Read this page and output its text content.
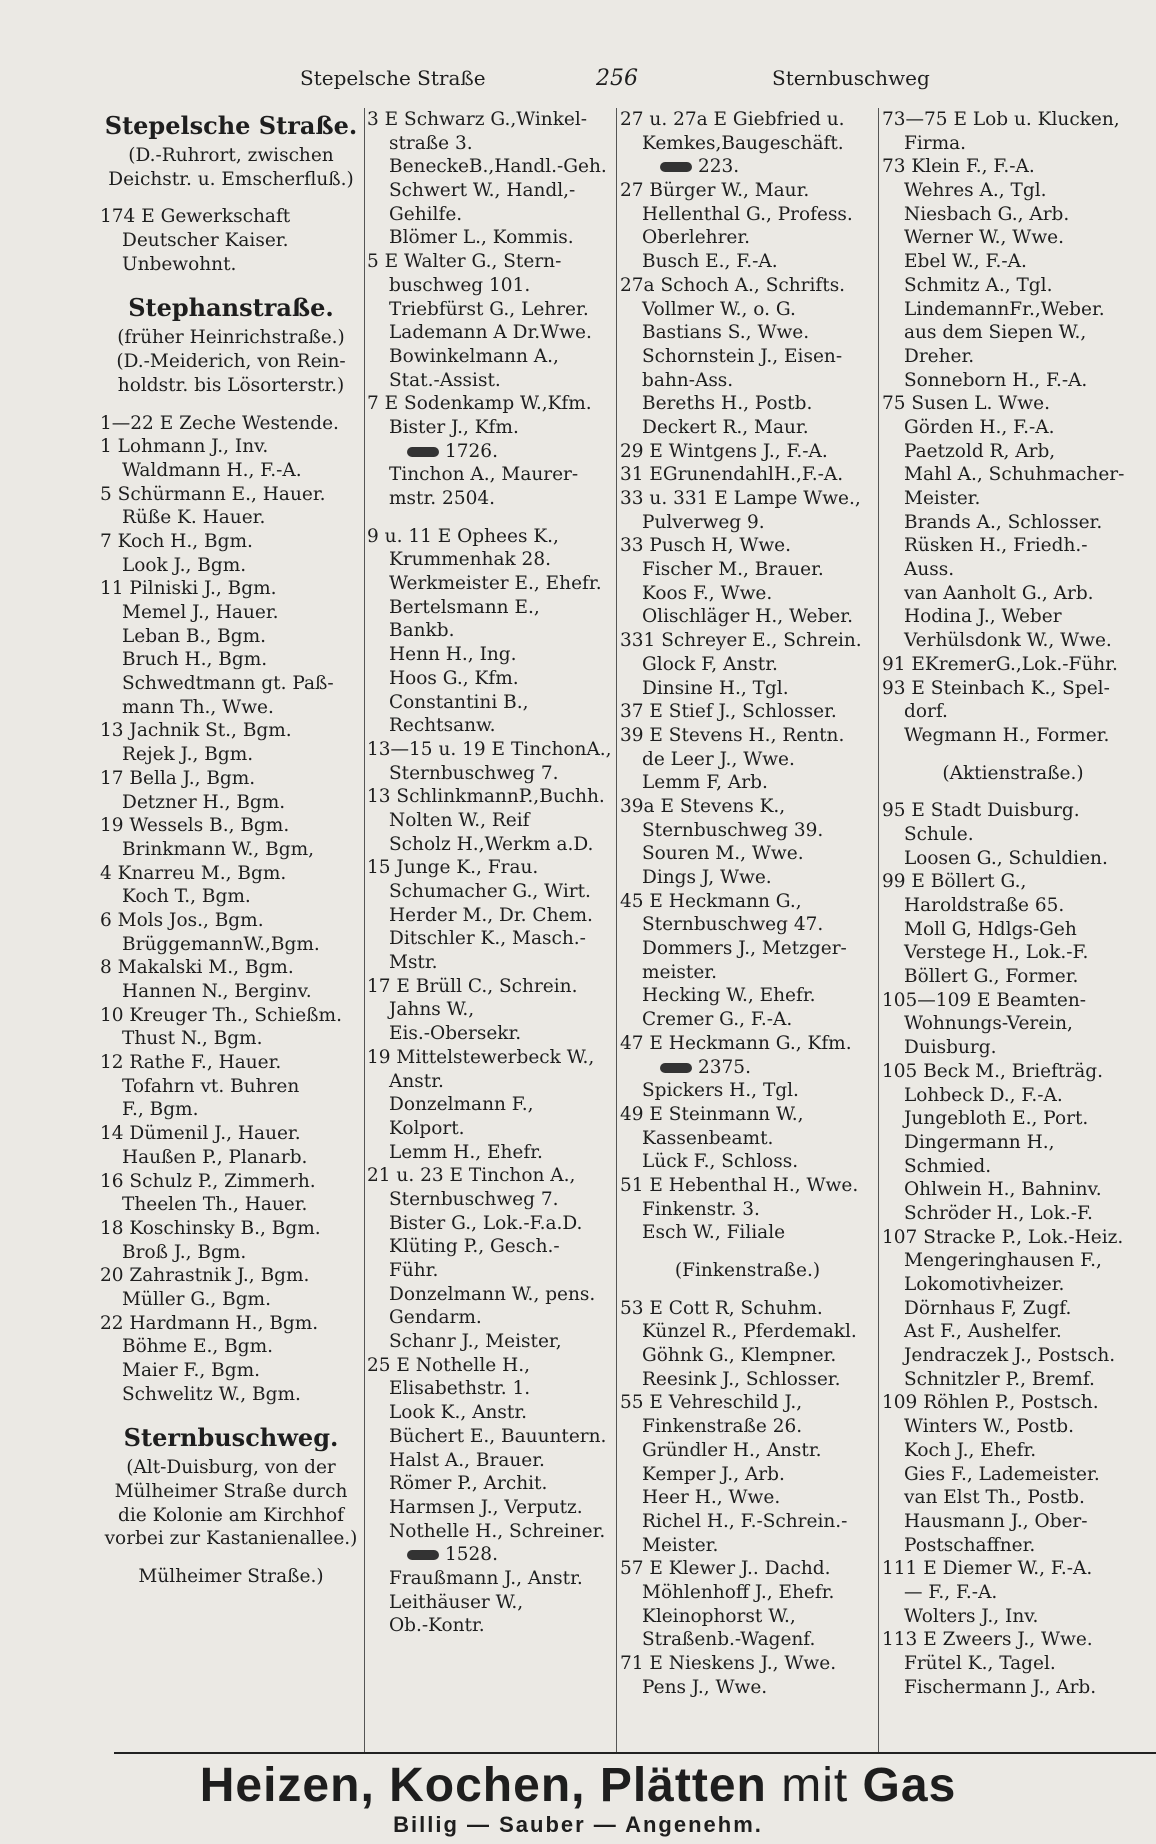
Stepelsche Straße	256	Sternbuschweg
Stepelsche Straße.
(D.-Ruhrort, zwischen
Deichstr. u. Emscherfluß.)
174 E Gewerkschaft
Deutscher Kaiser.
Unbewohnt.
Stephanstraße.
(früher Heinrichstraße.)
(D.-Meiderich, von Rein-
holdstr. bis Lösorterstr.)
1—22 E Zeche Westende.
1 Lohmann J., Inv.
Waldmann H., F.-A.
5 Schürmann E., Hauer.
Rüße K. Hauer.
7 Koch H., Bgm.
Look J., Bgm.
11 Pilniski J., Bgm.
Memel J., Hauer.
Leban B., Bgm.
Bruch H., Bgm.
Schwedtmann gt. Paß-
mann Th., Wwe.
13 Jachnik St., Bgm.
Rejek J., Bgm.
17 Bella J., Bgm.
Detzner H., Bgm.
19 Wessels B., Bgm.
Brinkmann W., Bgm,
4 Knarreu M., Bgm.
Koch T., Bgm.
6 Mols Jos., Bgm.
BrüggemannW.,Bgm.
8 Makalski M., Bgm.
Hannen N., Berginv.
10 Kreuger Th., Schießm.
Thust N., Bgm.
12 Rathe F., Hauer.
Tofahrn vt. Buhren
F., Bgm.
14 Dümenil J., Hauer.
Haußen P., Planarb.
16 Schulz P., Zimmerh.
Theelen Th., Hauer.
18 Koschinsky B., Bgm.
Broß J., Bgm.
20 Zahrastnik J., Bgm.
Müller G., Bgm.
22 Hardmann H., Bgm.
Böhme E., Bgm.
Maier F., Bgm.
Schwelitz W., Bgm.
Sternbuschweg.
(Alt-Duisburg, von der
Mülheimer Straße durch
die Kolonie am Kirchhof
vorbei zur Kastanienallee.)
Mülheimer Straße.)
3 E Schwarz G.,Winkel-
straße 3.
BeneckeB.,Handl.-Geh.
Schwert W., Handl,-
Gehilfe.
Blömer L., Kommis.
5 E Walter G., Stern-
buschweg 101.
Triebfürst G., Lehrer.
Lademann A Dr.Wwe.
Bowinkelmann A.,
Stat.-Assist.
7 E Sodenkamp W.,Kfm.
Bister J., Kfm.
1726.
Tinchon A., Maurer-
mstr. 2504.
9 u. 11 E Ophees K.,
Krummenhak 28.
Werkmeister E., Ehefr.
Bertelsmann E.,
Bankb.
Henn H., Ing.
Hoos G., Kfm.
Constantini B.,
Rechtsanw.
13—15 u. 19 E TinchonA.,
Sternbuschweg 7.
13 SchlinkmannP.,Buchh.
Nolten W., Reif
Scholz H.,Werkm a.D.
15 Junge K., Frau.
Schumacher G., Wirt.
Herder M., Dr. Chem.
Ditschler K., Masch.-
Mstr.
17 E Brüll C., Schrein.
Jahns W.,
Eis.-Obersekr.
19 Mittelstewerbeck W.,
Anstr.
Donzelmann F.,
Kolport.
Lemm H., Ehefr.
21 u. 23 E Tinchon A.,
Sternbuschweg 7.
Bister G., Lok.-F.a.D.
Klüting P., Gesch.-
Führ.
Donzelmann W., pens.
Gendarm.
Schanr J., Meister,
25 E Nothelle H.,
Elisabethstr. 1.
Look K., Anstr.
Büchert E., Bauuntern.
Halst A., Brauer.
Römer P., Archit.
Harmsen J., Verputz.
Nothelle H., Schreiner.
1528.
Fraußmann J., Anstr.
Leithäuser W.,
Ob.-Kontr.
27 u. 27a E Giebfried u.
Kemkes,Baugeschäft.
223.
27 Bürger W., Maur.
Hellenthal G., Profess.
Oberlehrer.
Busch E., F.-A.
27a Schoch A., Schrifts.
Vollmer W., o. G.
Bastians S., Wwe.
Schornstein J., Eisen-
bahn-Ass.
Bereths H., Postb.
Deckert R., Maur.
29 E Wintgens J., F.-A.
31 EGrunendahlH.,F.-A.
33 u. 331 E Lampe Wwe.,
Pulverweg 9.
33 Pusch H, Wwe.
Fischer M., Brauer.
Koos F., Wwe.
Olischläger H., Weber.
331 Schreyer E., Schrein.
Glock F, Anstr.
Dinsine H., Tgl.
37 E Stief J., Schlosser.
39 E Stevens H., Rentn.
de Leer J., Wwe.
Lemm F, Arb.
39a E Stevens K.,
Sternbuschweg 39.
Souren M., Wwe.
Dings J, Wwe.
45 E Heckmann G.,
Sternbuschweg 47.
Dommers J., Metzger-
meister.
Hecking W., Ehefr.
Cremer G., F.-A.
47 E Heckmann G., Kfm.
2375.
Spickers H., Tgl.
49 E Steinmann W.,
Kassenbeamt.
Lück F., Schloss.
51 E Hebenthal H., Wwe.
Finkenstr. 3.
Esch W., Filiale
(Finkenstraße.)
53 E Cott R, Schuhm.
Künzel R., Pferdemakl.
Göhnk G., Klempner.
Reesink J., Schlosser.
55 E Vehreschild J.,
Finkenstraße 26.
Gründler H., Anstr.
Kemper J., Arb.
Heer H., Wwe.
Richel H., F.-Schrein.-
Meister.
57 E Klewer J.. Dachd.
Möhlenhoff J., Ehefr.
Kleinophorst W.,
Straßenb.-Wagenf.
71 E Nieskens J., Wwe.
Pens J., Wwe.
73—75 E Lob u. Klucken,
Firma.
73 Klein F., F.-A.
Wehres A., Tgl.
Niesbach G., Arb.
Werner W., Wwe.
Ebel W., F.-A.
Schmitz A., Tgl.
LindemannFr.,Weber.
aus dem Siepen W.,
Dreher.
Sonneborn H., F.-A.
75 Susen L. Wwe.
Görden H., F.-A.
Paetzold R, Arb,
Mahl A., Schuhmacher-
Meister.
Brands A., Schlosser.
Rüsken H., Friedh.-
Auss.
van Aanholt G., Arb.
Hodina J., Weber
Verhülsdonk W., Wwe.
91 EKremerG.,Lok.-Führ.
93 E Steinbach K., Spel-
dorf.
Wegmann H., Former.
(Aktienstraße.)
95 E Stadt Duisburg.
Schule.
Loosen G., Schuldien.
99 E Böllert G.,
Haroldstraße 65.
Moll G, Hdlgs-Geh
Verstege H., Lok.-F.
Böllert G., Former.
105—109 E Beamten-
Wohnungs-Verein,
Duisburg.
105 Beck M., Briefträg.
Lohbeck D., F.-A.
Jungebloth E., Port.
Dingermann H.,
Schmied.
Ohlwein H., Bahninv.
Schröder H., Lok.-F.
107 Stracke P., Lok.-Heiz.
Mengeringhausen F.,
Lokomotivheizer.
Dörnhaus F, Zugf.
Ast F., Aushelfer.
Jendraczek J., Postsch.
Schnitzler P., Bremf.
109 Röhlen P., Postsch.
Winters W., Postb.
Koch J., Ehefr.
Gies F., Lademeister.
van Elst Th., Postb.
Hausmann J., Ober-
Postschaffner.
111 E Diemer W., F.-A.
— F., F.-A.
Wolters J., Inv.
113 E Zweers J., Wwe.
Frütel K., Tagel.
Fischermann J., Arb.
Heizen, Kochen, Plätten mit Gas
Billig — Sauber — Angenehm.
